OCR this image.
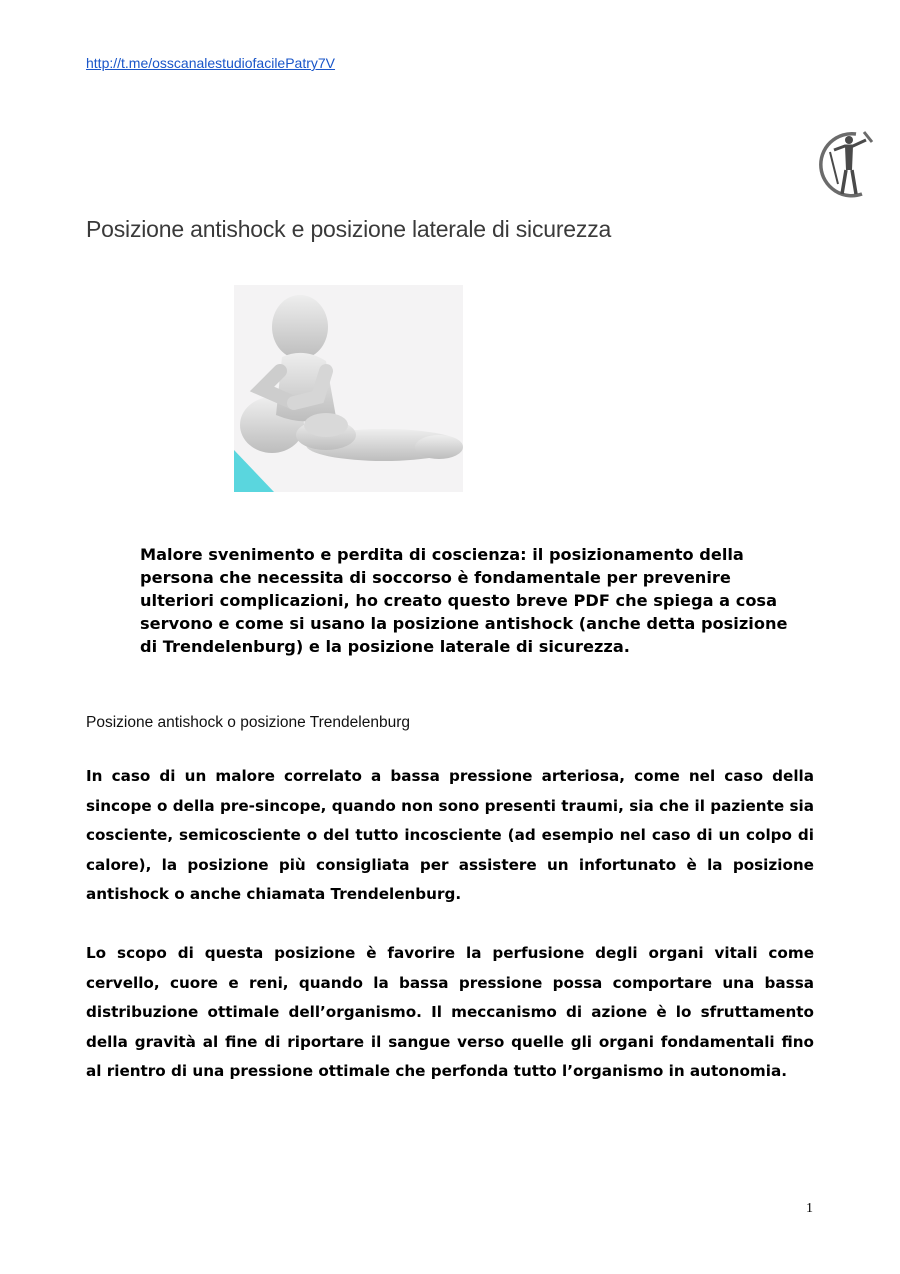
http://t.me/osscanalestudiofacilePatry7V
Posizione antishock e posizione laterale di sicurezza

Malore svenimento e perdita di coscienza: il posizionamento della persona che necessita di soccorso è fondamentale per prevenire ulteriori complicazioni, ho creato questo breve PDF che spiega a cosa servono e come si usano la posizione antishock (anche detta posizione di Trendelenburg) e la posizione laterale di sicurezza.

Posizione antishock o posizione Trendelenburg

In caso di un malore correlato a bassa pressione arteriosa, come nel caso della sincope o della pre-sincope, quando non sono presenti traumi, sia che il paziente sia cosciente, semicosciente o del tutto incosciente (ad esempio nel caso di un colpo di calore), la posizione più consigliata per assistere un infortunato è la posizione antishock o anche chiamata Trendelenburg.

Lo scopo di questa posizione è favorire la perfusione degli organi vitali come cervello, cuore e reni, quando la bassa pressione possa comportare una bassa distribuzione ottimale dell’organismo. Il meccanismo di azione è lo sfruttamento della gravità al fine di riportare il sangue verso quelle gli organi fondamentali fino al rientro di una pressione ottimale che perfonda tutto l’organismo in autonomia.

1
